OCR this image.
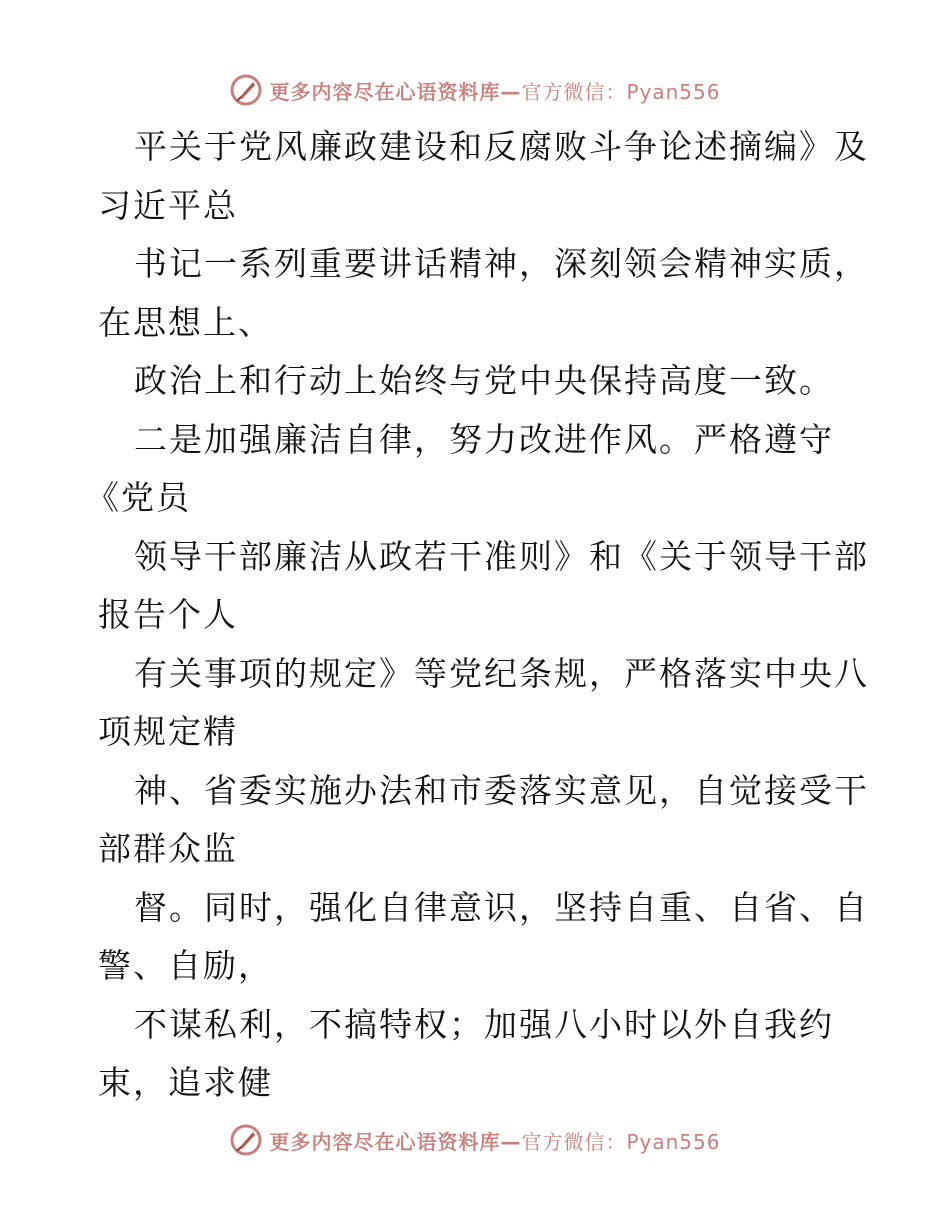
更多内容尽在心语资料库—官方微信：Pyan556
平关于党风廉政建设和反腐败斗争论述摘编》及
习近平总
书记一系列重要讲话精神，深刻领会精神实质，
在思想上、
政治上和行动上始终与党中央保持高度一致。
二是加强廉洁自律，努力改进作风。严格遵守
《党员
领导干部廉洁从政若干准则》和《关于领导干部
报告个人
有关事项的规定》等党纪条规，严格落实中央八
项规定精
神、省委实施办法和市委落实意见，自觉接受干
部群众监
督。同时，强化自律意识，坚持自重、自省、自
警、自励，
不谋私利，不搞特权；加强八小时以外自我约
束，追求健
更多内容尽在心语资料库—官方微信：Pyan556
